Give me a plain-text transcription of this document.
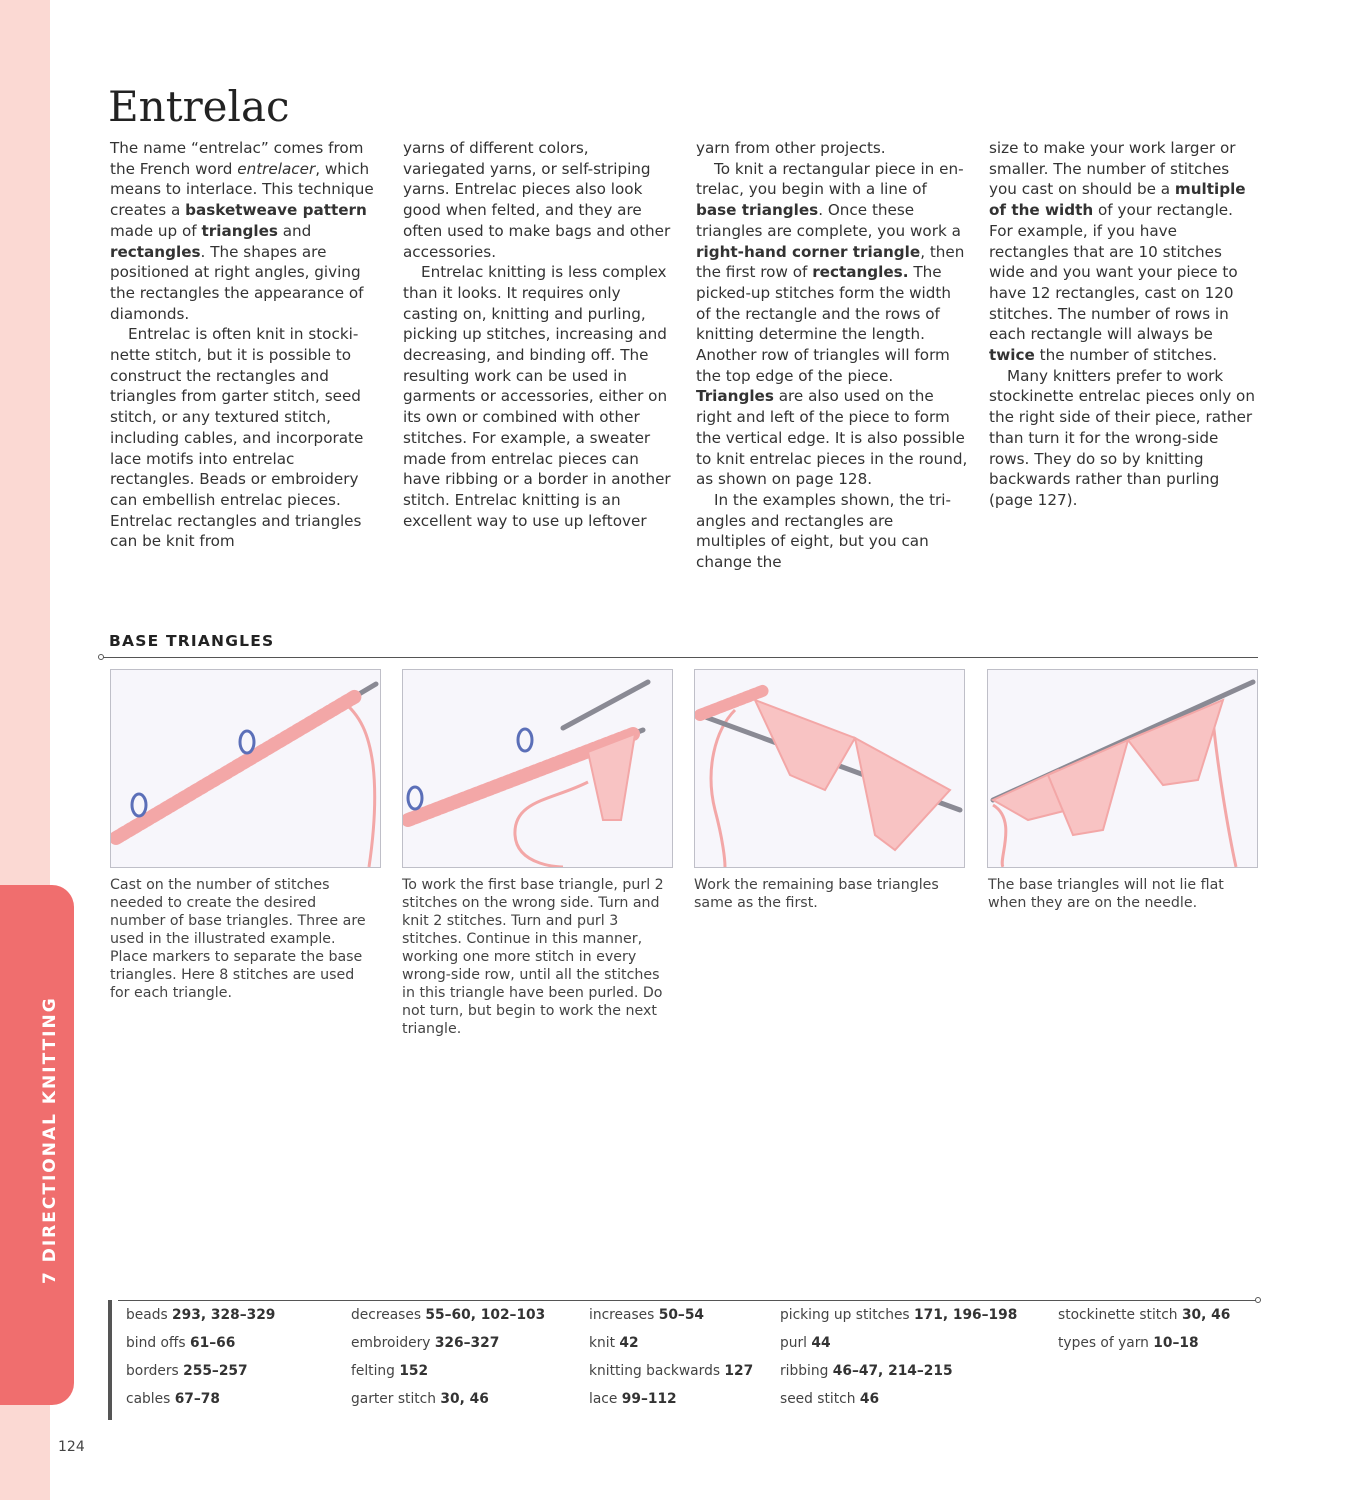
7 DIRECTIONAL KNITTING
124
Entrelac

The name “entrelac” comes from the French word entrelacer, which means to interlace. This technique creates a basketweave pattern made up of triangles and rectangles. The shapes are positioned at right angles, giving the rectangles the appearance of diamonds.

Entrelac is often knit in stockinette stitch, but it is possible to construct the rectangles and triangles from garter stitch, seed stitch, or any textured stitch, including cables, and incorporate lace motifs into entrelac rectangles. Beads or embroidery can embellish entrelac pieces. Entrelac rectangles and triangles can be knit from

yarns of different colors, variegated yarns, or self-striping yarns. Entrelac pieces also look good when felted, and they are often used to make bags and other accessories.

Entrelac knitting is less complex than it looks. It requires only casting on, knitting and purling, picking up stitches, increasing and decreasing, and binding off. The resulting work can be used in garments or accessories, either on its own or combined with other stitches. For example, a sweater made from entrelac pieces can have ribbing or a border in another stitch. Entrelac knitting is an excellent way to use up leftover

yarn from other projects.

To knit a rectangular piece in entrelac, you begin with a line of base triangles. Once these triangles are complete, you work a right-hand corner triangle, then the first row of rectangles. The picked-up stitches form the width of the rectangle and the rows of knitting determine the length. Another row of triangles will form the top edge of the piece. Triangles are also used on the right and left of the piece to form the vertical edge. It is also possible to knit entrelac pieces in the round, as shown on page 128.

In the examples shown, the triangles and rectangles are multiples of eight, but you can change the

size to make your work larger or smaller. The number of stitches you cast on should be a multiple of the width of your rectangle. For example, if you have rectangles that are 10 stitches wide and you want your piece to have 12 rectangles, cast on 120 stitches. The number of rows in each rectangle will always be twice the number of stitches.

Many knitters prefer to work stockinette entrelac pieces only on the right side of their piece, rather than turn it for the wrong-side rows. They do so by knitting backwards rather than purling (page 127).

BASE TRIANGLES

Cast on the number of stitches needed to create the desired number of base triangles. Three are used in the illustrated example. Place markers to separate the base triangles. Here 8 stitches are used for each triangle.

To work the first base triangle, purl 2 stitches on the wrong side. Turn and knit 2 stitches. Turn and purl 3 stitches. Continue in this manner, working one more stitch in every wrong-side row, until all the stitches in this triangle have been purled. Do not turn, but begin to work the next triangle.

Work the remaining base triangles same as the first.

The base triangles will not lie flat when they are on the needle.

beads 293, 328–329
bind offs 61–66
borders 255–257
cables 67–78
decreases 55–60, 102–103
embroidery 326–327
felting 152
garter stitch 30, 46
increases 50–54
knit 42
knitting backwards 127
lace 99–112
picking up stitches 171, 196–198
purl 44
ribbing 46–47, 214–215
seed stitch 46
stockinette stitch 30, 46
types of yarn 10–18
